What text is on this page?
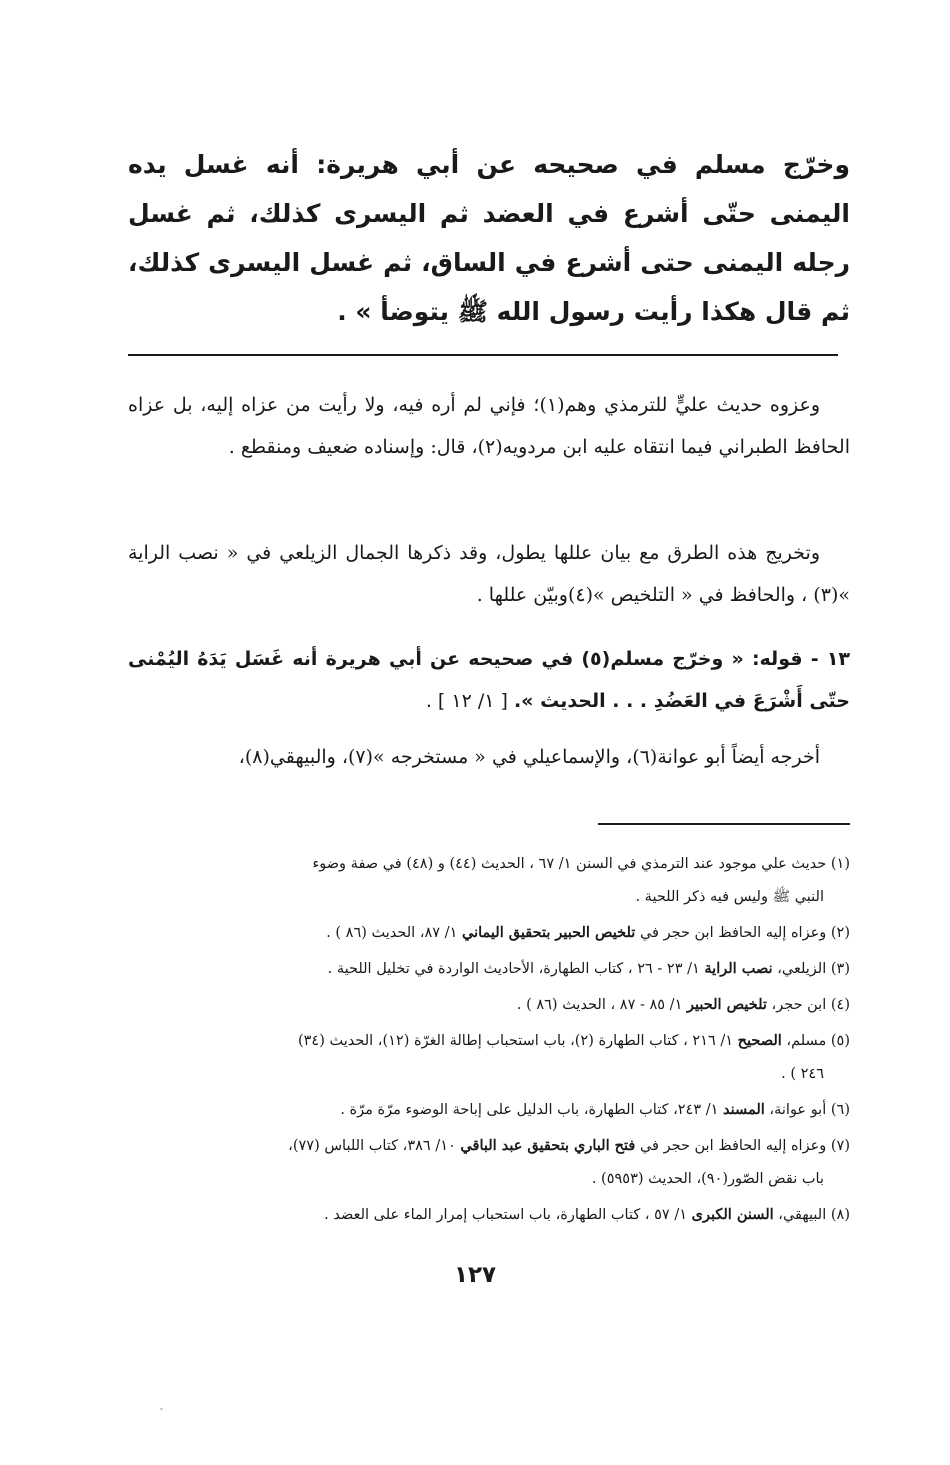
وخرّج مسلم في صحيحه عن أبي هريرة: أنه غسل يده اليمنى حتّى أشرع في العضد ثم اليسرى كذلك، ثم غسل رجله اليمنى حتى أشرع في الساق، ثم غسل اليسرى كذلك، ثم قال هكذا رأيت رسول الله ﷺ يتوضأ » .
وعزوه حديث عليٍّ للترمذي وهم(١)؛ فإني لم أره فيه، ولا رأيت من عزاه إليه، بل عزاه الحافظ الطبراني فيما انتقاه عليه ابن مردويه(٢)، قال: وإسناده ضعيف ومنقطع .
وتخريج هذه الطرق مع بيان عللها يطول، وقد ذكرها الجمال الزيلعي في « نصب الراية »(٣) ، والحافظ في « التلخيص »(٤)وبيّن عللها .
١٣ - قوله: « وخرّج مسلم(٥) في صحيحه عن أبي هريرة أنه غَسَل يَدَهُ اليُمْنى حتّى أَشْرَعَ في العَضُدِ . . . الحديث ». [ ١/ ١٢ ] .
أخرجه أيضاً أبو عوانة(٦)، والإسماعيلي في « مستخرجه »(٧)، والبيهقي(٨)،
(١) حديث علي موجود عند الترمذي في السنن ١/ ٦٧ ، الحديث (٤٤) و (٤٨) في صفة وضوء
النبي ﷺ وليس فيه ذكر اللحية .
(٢) وعزاه إليه الحافظ ابن حجر في تلخيص الحبير بتحقيق اليماني ١/ ٨٧، الحديث (٨٦ ) .
(٣) الزيلعي، نصب الراية ١/ ٢٣ - ٢٦ ، كتاب الطهارة، الأحاديث الواردة في تخليل اللحية .
(٤) ابن حجر، تلخيص الحبير ١/ ٨٥ - ٨٧ ، الحديث (٨٦ ) .
(٥) مسلم، الصحيح ١/ ٢١٦ ، كتاب الطهارة (٢)، باب استحباب إطالة الغرّة (١٢)، الحديث (٣٤)
٢٤٦ ) .
(٦) أبو عوانة، المسند ١/ ٢٤٣، كتاب الطهارة، باب الدليل على إباحة الوضوء مرّة مرّة .
(٧) وعزاه إليه الحافظ ابن حجر في فتح الباري بتحقيق عبد الباقي ١٠/ ٣٨٦، كتاب اللباس (٧٧)،
باب نقض الصّور(٩٠)، الحديث (٥٩٥٣) .
(٨) البيهقي، السنن الكبرى ١/ ٥٧ ، كتاب الطهارة، باب استحباب إمرار الماء على العضد .
١٢٧
